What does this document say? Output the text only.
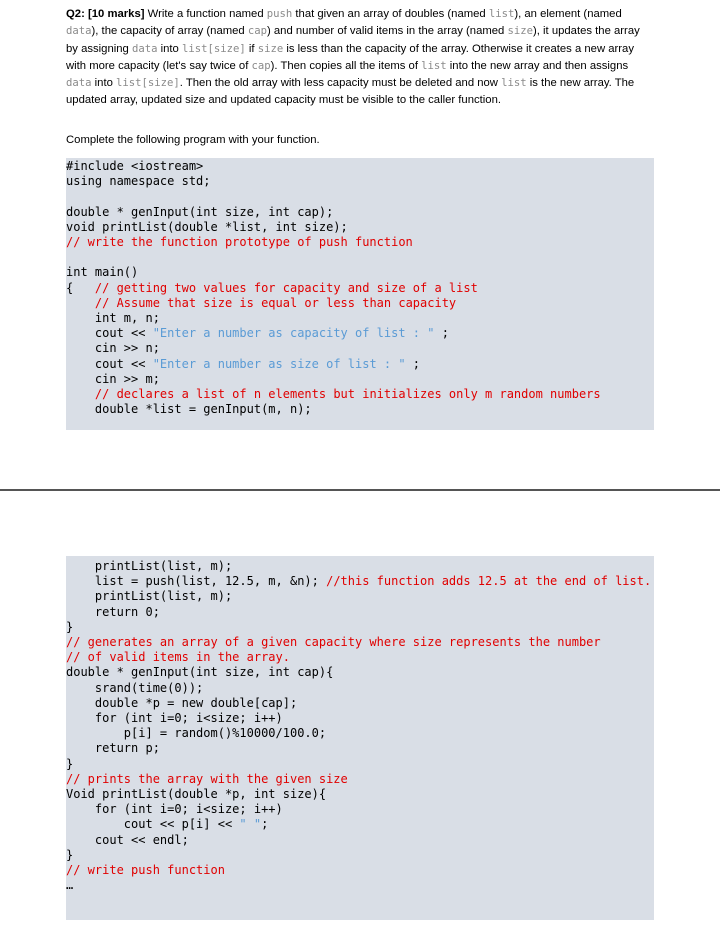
Q2: [10 marks] Write a function named push that given an array of doubles (named list), an element (named data), the capacity of array (named cap) and number of valid items in the array (named size), it updates the array by assigning data into list[size] if size is less than the capacity of the array. Otherwise it creates a new array with more capacity (let's say twice of cap). Then copies all the items of list into the new array and then assigns data into list[size]. Then the old array with less capacity must be deleted and now list is the new array. The updated array, updated size and updated capacity must be visible to the caller function.

Complete the following program with your function.

#include <iostream>
using namespace std;
double * genInput(int size, int cap);
void printList(double *list, int size);
// write the function prototype of push function
int main()
{   // getting two values for capacity and size of a list
// Assume that size is equal or less than capacity
int m, n;
cout << "Enter a number as capacity of list : " ;
cin >> n;
cout << "Enter a number as size of list : " ;
cin >> m;
// declares a list of n elements but initializes only m random numbers
double *list = genInput(m, n);
printList(list, m);
list = push(list, 12.5, m, &n); //this function adds 12.5 at the end of list.
printList(list, m);
return 0;
}
// generates an array of a given capacity where size represents the number
// of valid items in the array.
double * genInput(int size, int cap){
srand(time(0));
double *p = new double[cap];
for (int i=0; i<size; i++)
p[i] = random()%10000/100.0;
return p;
}
// prints the array with the given size
Void printList(double *p, int size){
for (int i=0; i<size; i++)
cout << p[i] << " ";
cout << endl;
}
// write push function
…
